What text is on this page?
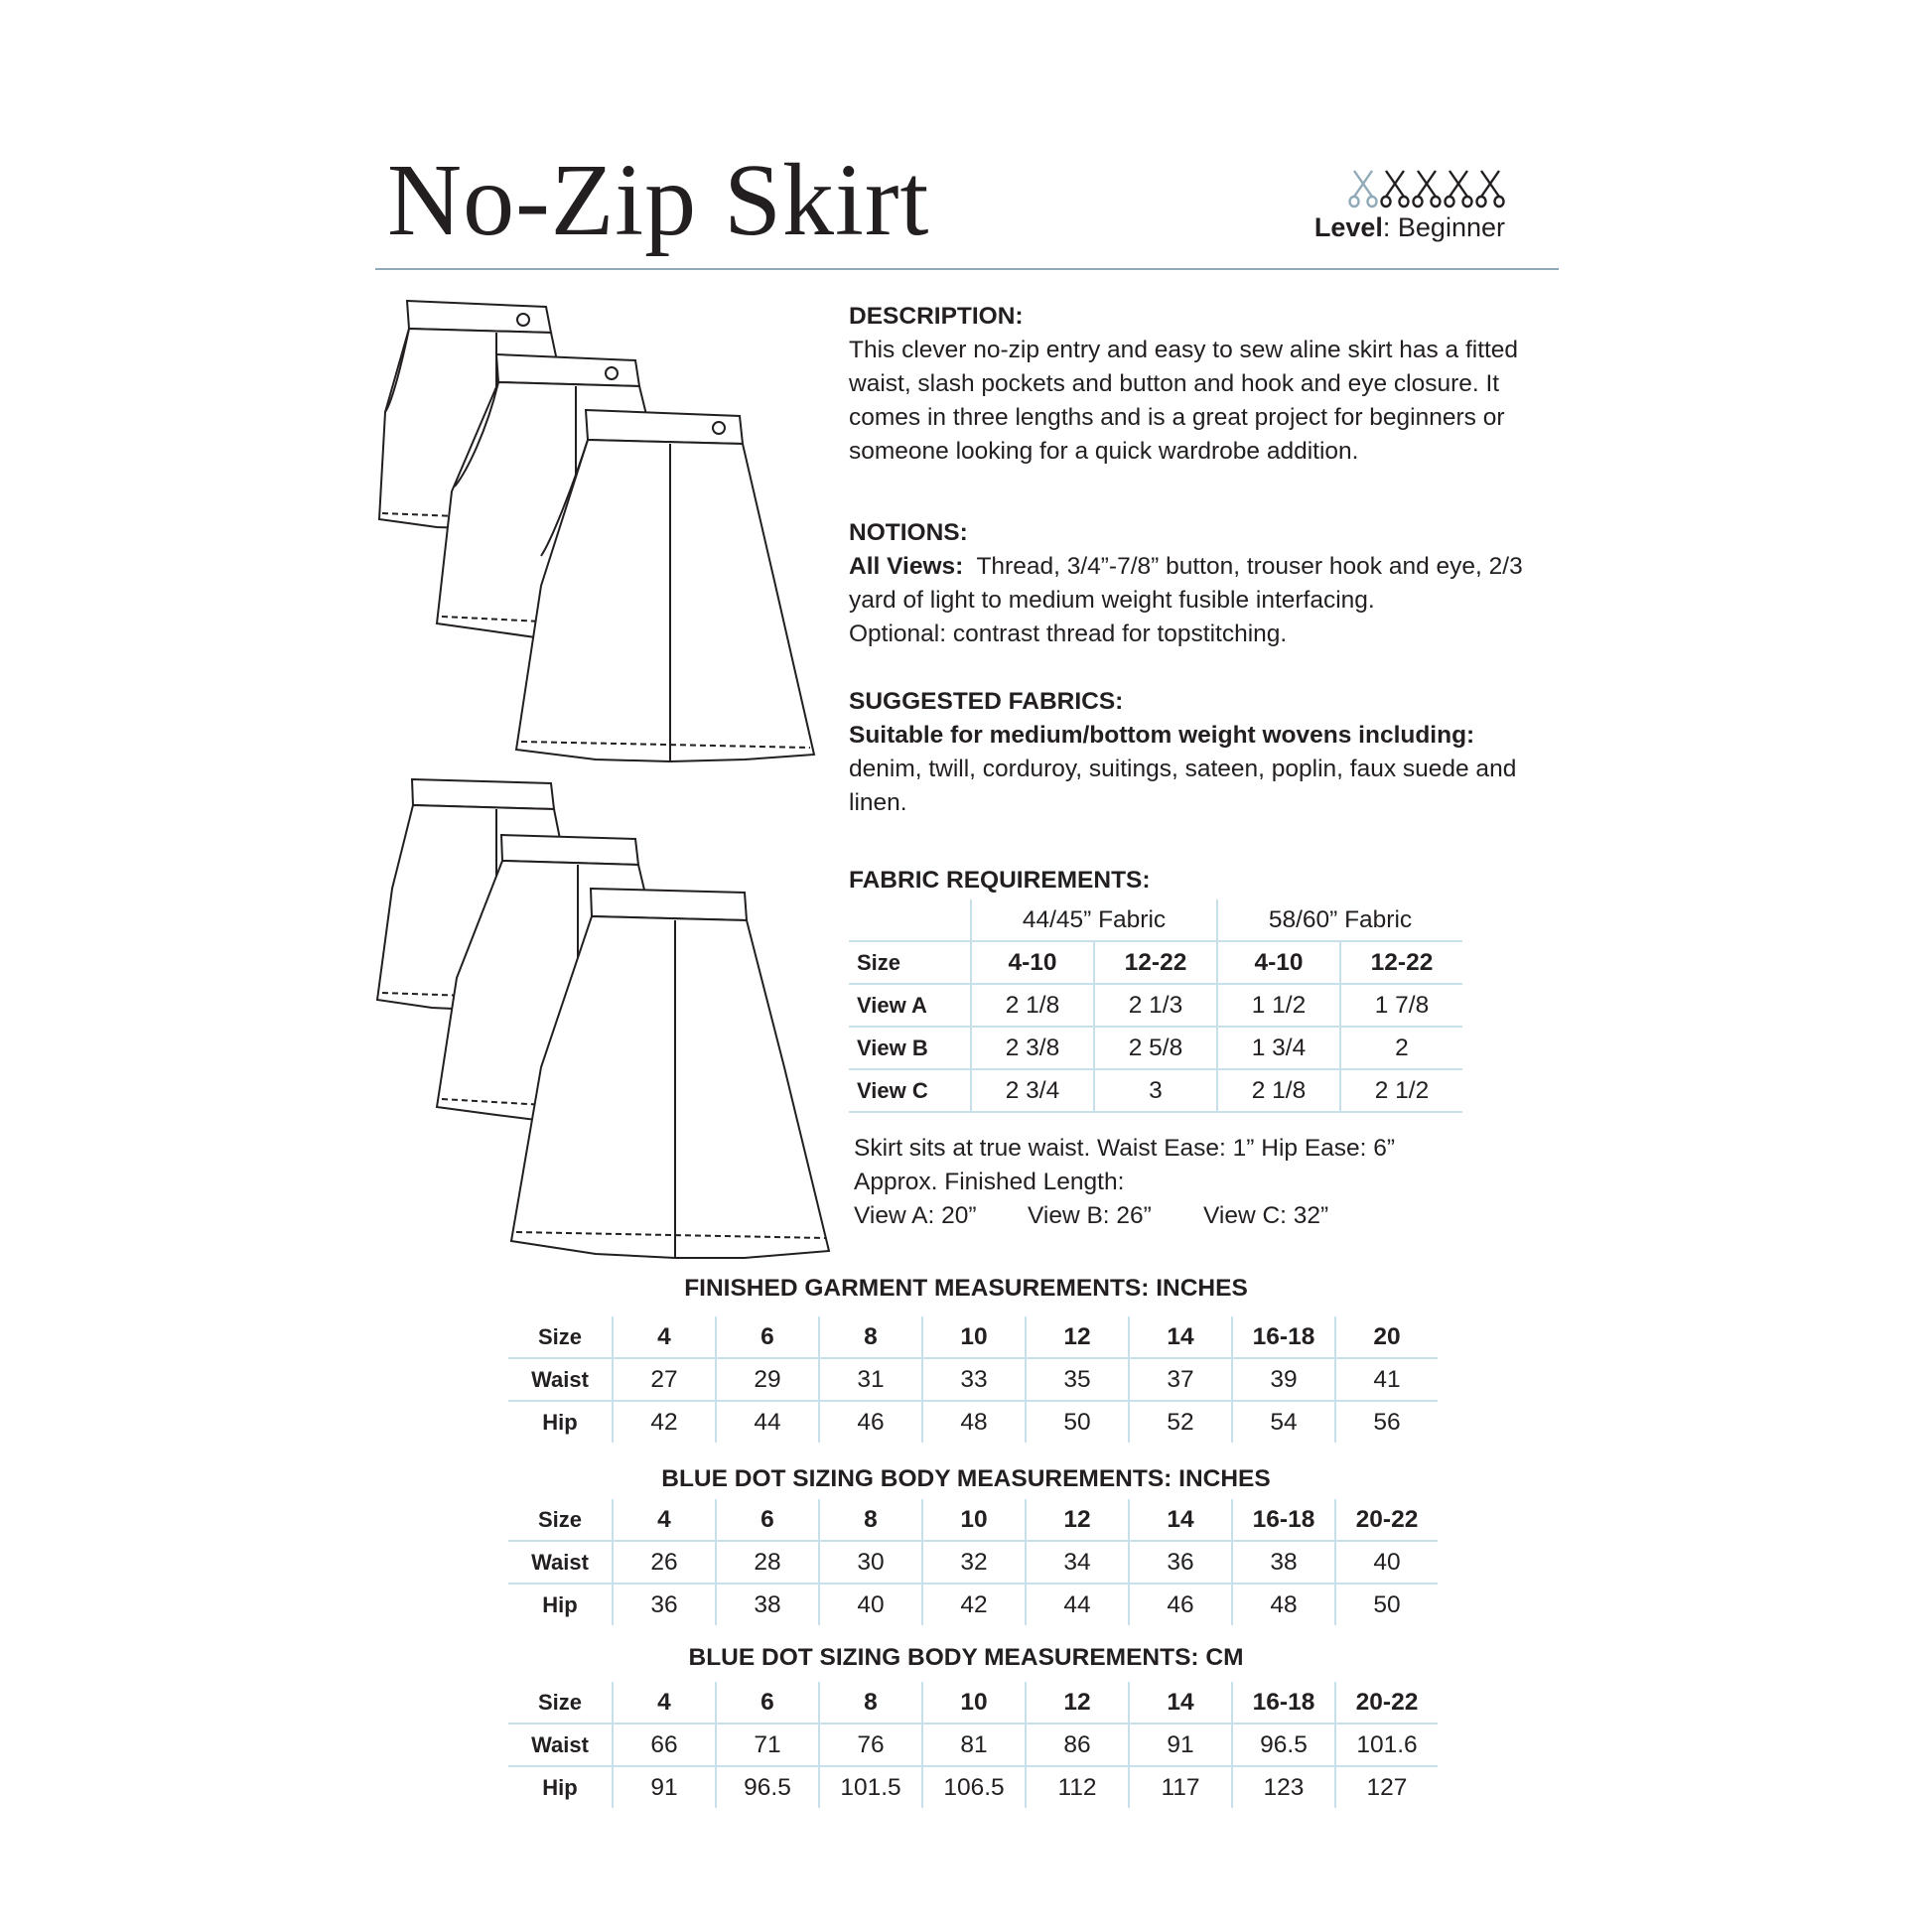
No-Zip Skirt	Level: Beginner
DESCRIPTION:

This clever no-zip entry and easy to sew aline skirt has a fitted waist, slash pockets and button and hook and eye closure. It comes in three lengths and is a great project for beginners or someone looking for a quick wardrobe addition.

NOTIONS:

All Views: Thread, 3/4”-7/8” button, trouser hook and eye, 2/3 yard of light to medium weight fusible interfacing.

Optional: contrast thread for topstitching.

SUGGESTED FABRICS:

Suitable for medium/bottom weight wovens including:

denim, twill, corduroy, suitings, sateen, poplin, faux suede and linen.

FABRIC REQUIREMENTS:
	44/45” Fabric		58/60” Fabric	
Size	4-10	12-22	4-10	12-22
View A	2 1/8	2 1/3	1 1/2	1 7/8
View B	2 3/8	2 5/8	1 3/4	2
View C	2 3/4	3	2 1/8	2 1/2
Skirt sits at true waist. Waist Ease: 1” Hip Ease: 6”
Approx. Finished Length:
View A: 20” View B: 26” View C: 32”
FINISHED GARMENT MEASUREMENTS: INCHES
Size	4	6	8	10	12	14	16-18	20
Waist	27	29	31	33	35	37	39	41
Hip	42	44	46	48	50	52	54	56
BLUE DOT SIZING BODY MEASUREMENTS: INCHES
Size	4	6	8	10	12	14	16-18	20-22
Waist	26	28	30	32	34	36	38	40
Hip	36	38	40	42	44	46	48	50
BLUE DOT SIZING BODY MEASUREMENTS: CM
Size	4	6	8	10	12	14	16-18	20-22
Waist	66	71	76	81	86	91	96.5	101.6
Hip	91	96.5	101.5	106.5	112	117	123	127
